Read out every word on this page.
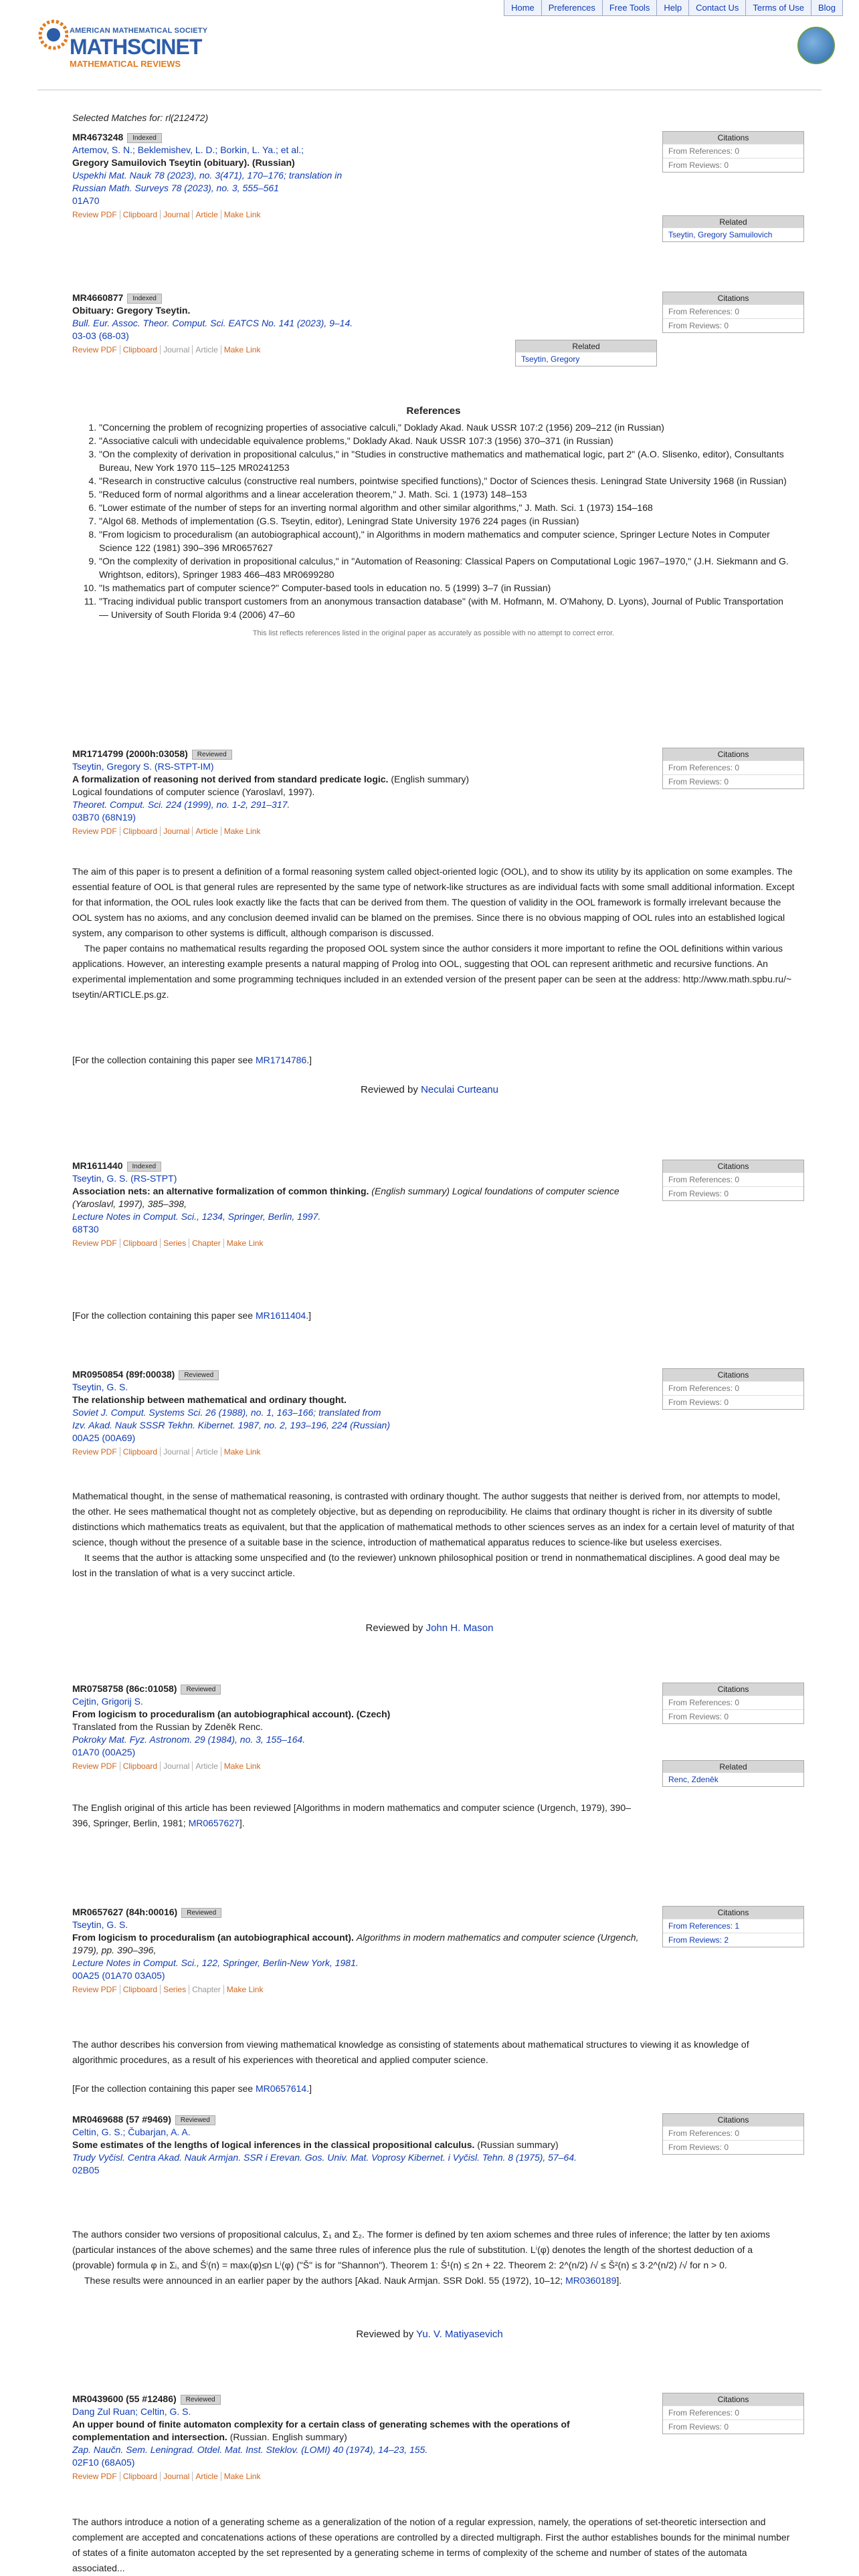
Home	Preferences	Free Tools	Help	Contact Us	Terms of Use	Blog
AMERICAN MATHEMATICAL SOCIETY
MATHSCINET
MATHEMATICAL REVIEWS
Selected Matches for: rl(212472)
MR4673248 Indexed
Artemov, S. N.; Beklemishev, L. D.; Borkin, L. Ya.; et al.;
Gregory Samuilovich Tseytin (obituary). (Russian)
Uspekhi Mat. Nauk 78 (2023), no. 3(471), 170–176; translation in
Russian Math. Surveys 78 (2023), no. 3, 555–561
01A70
Review PDF Clipboard Journal Article Make Link
Citations
From References: 0
From Reviews: 0
Related
Tseytin, Gregory Samuilovich
MR4660877 Indexed
Obituary: Gregory Tseytin.
Bull. Eur. Assoc. Theor. Comput. Sci. EATCS No. 141 (2023), 9–14.
03-03 (68-03)
Review PDF Clipboard Journal Article Make Link
Citations
From References: 0
From Reviews: 0
Related
Tseytin, Gregory
References
1. "Concerning the problem of recognizing properties of associative calculi," Doklady Akad. Nauk USSR 107:2 (1956) 209–212 (in Russian)
2. "Associative calculi with undecidable equivalence problems," Doklady Akad. Nauk USSR 107:3 (1956) 370–371 (in Russian)
3. "On the complexity of derivation in propositional calculus," in "Studies in constructive mathematics and mathematical logic, part 2" (A.O. Slisenko, editor), Consultants Bureau, New York 1970 115–125 MR0241253
4. "Research in constructive calculus (constructive real numbers, pointwise specified functions)," Doctor of Sciences thesis. Leningrad State University 1968 (in Russian)
5. "Reduced form of normal algorithms and a linear acceleration theorem," J. Math. Sci. 1 (1973) 148–153
6. "Lower estimate of the number of steps for an inverting normal algorithm and other similar algorithms," J. Math. Sci. 1 (1973) 154–168
7. "Algol 68. Methods of implementation (G.S. Tseytin, editor), Leningrad State University 1976 224 pages (in Russian)
8. "From logicism to proceduralism (an autobiographical account)," in Algorithms in modern mathematics and computer science, Springer Lecture Notes in Computer Science 122 (1981) 390–396 MR0657627
9. "On the complexity of derivation in propositional calculus," in "Automation of Reasoning: Classical Papers on Computational Logic 1967–1970," (J.H. Siekmann and G. Wrightson, editors), Springer 1983 466–483 MR0699280
10. "Is mathematics part of computer science?" Computer-based tools in education no. 5 (1999) 3–7 (in Russian)
11. "Tracing individual public transport customers from an anonymous transaction database" (with M. Hofmann, M. O'Mahony, D. Lyons), Journal of Public Transportation — University of South Florida 9:4 (2006) 47–60
This list reflects references listed in the original paper as accurately as possible with no attempt to correct error.
MR1714799 (2000h:03058) Reviewed
Tseytin, Gregory S. (RS-STPT-IM)
A formalization of reasoning not derived from standard predicate logic. (English summary)
Logical foundations of computer science (Yaroslavl, 1997).
Theoret. Comput. Sci. 224 (1999), no. 1-2, 291–317.
03B70 (68N19)
Review PDF Clipboard Journal Article Make Link
Citations
From References: 0
From Reviews: 0

The aim of this paper is to present a definition of a formal reasoning system called object-oriented logic (OOL), and to show its utility by its application on some examples. The essential feature of OOL is that general rules are represented by the same type of network-like structures as are individual facts with some small additional information. Except for that information, the OOL rules look exactly like the facts that can be derived from them. The question of validity in the OOL framework is formally irrelevant because the OOL system has no axioms, and any conclusion deemed invalid can be blamed on the premises. Since there is no obvious mapping of OOL rules into an established logical system, any comparison to other systems is difficult, although comparison is discussed.

The paper contains no mathematical results regarding the proposed OOL system since the author considers it more important to refine the OOL definitions within various applications. However, an interesting example presents a natural mapping of Prolog into OOL, suggesting that OOL can represent arithmetic and recursive functions. An experimental implementation and some programming techniques included in an extended version of the present paper can be seen at the address: http://www.math.spbu.ru/~ tseytin/ARTICLE.ps.gz.

[For the collection containing this paper see MR1714786.]
Reviewed by Neculai Curteanu
MR1611440 Indexed
Tseytin, G. S. (RS-STPT)
Association nets: an alternative formalization of common thinking. (English summary) Logical foundations of computer science (Yaroslavl, 1997), 385–398,
Lecture Notes in Comput. Sci., 1234, Springer, Berlin, 1997.
68T30
Review PDF Clipboard Series Chapter Make Link
Citations
From References: 0
From Reviews: 0
[For the collection containing this paper see MR1611404.]
MR0950854 (89f:00038) Reviewed
Tseytin, G. S.
The relationship between mathematical and ordinary thought.
Soviet J. Comput. Systems Sci. 26 (1988), no. 1, 163–166; translated from
Izv. Akad. Nauk SSSR Tekhn. Kibernet. 1987, no. 2, 193–196, 224 (Russian)
00A25 (00A69)
Review PDF Clipboard Journal Article Make Link
Citations
From References: 0
From Reviews: 0

Mathematical thought, in the sense of mathematical reasoning, is contrasted with ordinary thought. The author suggests that neither is derived from, nor attempts to model, the other. He sees mathematical thought not as completely objective, but as depending on reproducibility. He claims that ordinary thought is richer in its diversity of subtle distinctions which mathematics treats as equivalent, but that the application of mathematical methods to other sciences serves as an index for a certain level of maturity of that science, though without the presence of a suitable base in the science, introduction of mathematical apparatus reduces to science-like but useless exercises.

It seems that the author is attacking some unspecified and (to the reviewer) unknown philosophical position or trend in nonmathematical disciplines. A good deal may be lost in the translation of what is a very succinct article.

Reviewed by John H. Mason
MR0758758 (86c:01058) Reviewed
Cejtin, Grigorij S.
From logicism to proceduralism (an autobiographical account). (Czech)
Translated from the Russian by Zdeněk Renc.
Pokroky Mat. Fyz. Astronom. 29 (1984), no. 3, 155–164.
01A70 (00A25)
Review PDF Clipboard Journal Article Make Link
Citations
From References: 0
From Reviews: 0
Related
Renc, Zdeněk
The English original of this article has been reviewed [Algorithms in modern mathematics and computer science (Urgench, 1979), 390–396, Springer, Berlin, 1981; MR0657627].
MR0657627 (84h:00016) Reviewed
Tseytin, G. S.
From logicism to proceduralism (an autobiographical account). Algorithms in modern mathematics and computer science (Urgench, 1979), pp. 390–396,
Lecture Notes in Comput. Sci., 122, Springer, Berlin-New York, 1981.
00A25 (01A70 03A05)
Review PDF Clipboard Series Chapter Make Link
Citations
From References: 1
From Reviews: 2

The author describes his conversion from viewing mathematical knowledge as consisting of statements about mathematical structures to viewing it as knowledge of algorithmic procedures, as a result of his experiences with theoretical and applied computer science.

[For the collection containing this paper see MR0657614.]
MR0469688 (57 #9469) Reviewed
Celtin, G. S.; Čubarjan, A. A.
Some estimates of the lengths of logical inferences in the classical propositional calculus. (Russian summary)
Trudy Vyčisl. Centra Akad. Nauk Armjan. SSR i Erevan. Gos. Univ. Mat. Voprosy Kibernet. i Vyčisl. Tehn. 8 (1975), 57–64.
02B05
Citations
From References: 0
From Reviews: 0

The authors consider two versions of propositional calculus, Σ₁ and Σ₂. The former is defined by ten axiom schemes and three rules of inference; the latter by ten axioms (particular instances of the above schemes) and the same three rules of inference plus the rule of substitution. Lⁱ(φ) denotes the length of the shortest deduction of a (provable) formula φ in Σᵢ, and Šⁱ(n) = maxₗ(φ)≤n Lⁱ(φ) ("Š" is for "Shannon"). Theorem 1: Š¹(n) ≤ 2n + 22. Theorem 2: 2^(n/2) /√ ≤ Š²(n) ≤ 3·2^(n/2) /√ for n > 0.

These results were announced in an earlier paper by the authors [Akad. Nauk Armjan. SSR Dokl. 55 (1972), 10–12; MR0360189].

Reviewed by Yu. V. Matiyasevich
MR0439600 (55 #12486) Reviewed
Dang Zul Ruan; Celtin, G. S.
An upper bound of finite automaton complexity for a certain class of generating schemes with the operations of complementation and intersection. (Russian. English summary)
Zap. Naučn. Sem. Leningrad. Otdel. Mat. Inst. Steklov. (LOMI) 40 (1974), 14–23, 155.
02F10 (68A05)
Review PDF Clipboard Journal Article Make Link
Citations
From References: 0
From Reviews: 0

The authors introduce a notion of a generating scheme as a generalization of the notion of a regular expression, namely, the operations of set-theoretic intersection and complement are accepted and concatenations actions of these operations are controlled by a directed multigraph. First the author establishes bounds for the minimal number of states of a finite automaton accepted by the set represented by a generating scheme in terms of complexity of the scheme and number of states of the automata associated...
